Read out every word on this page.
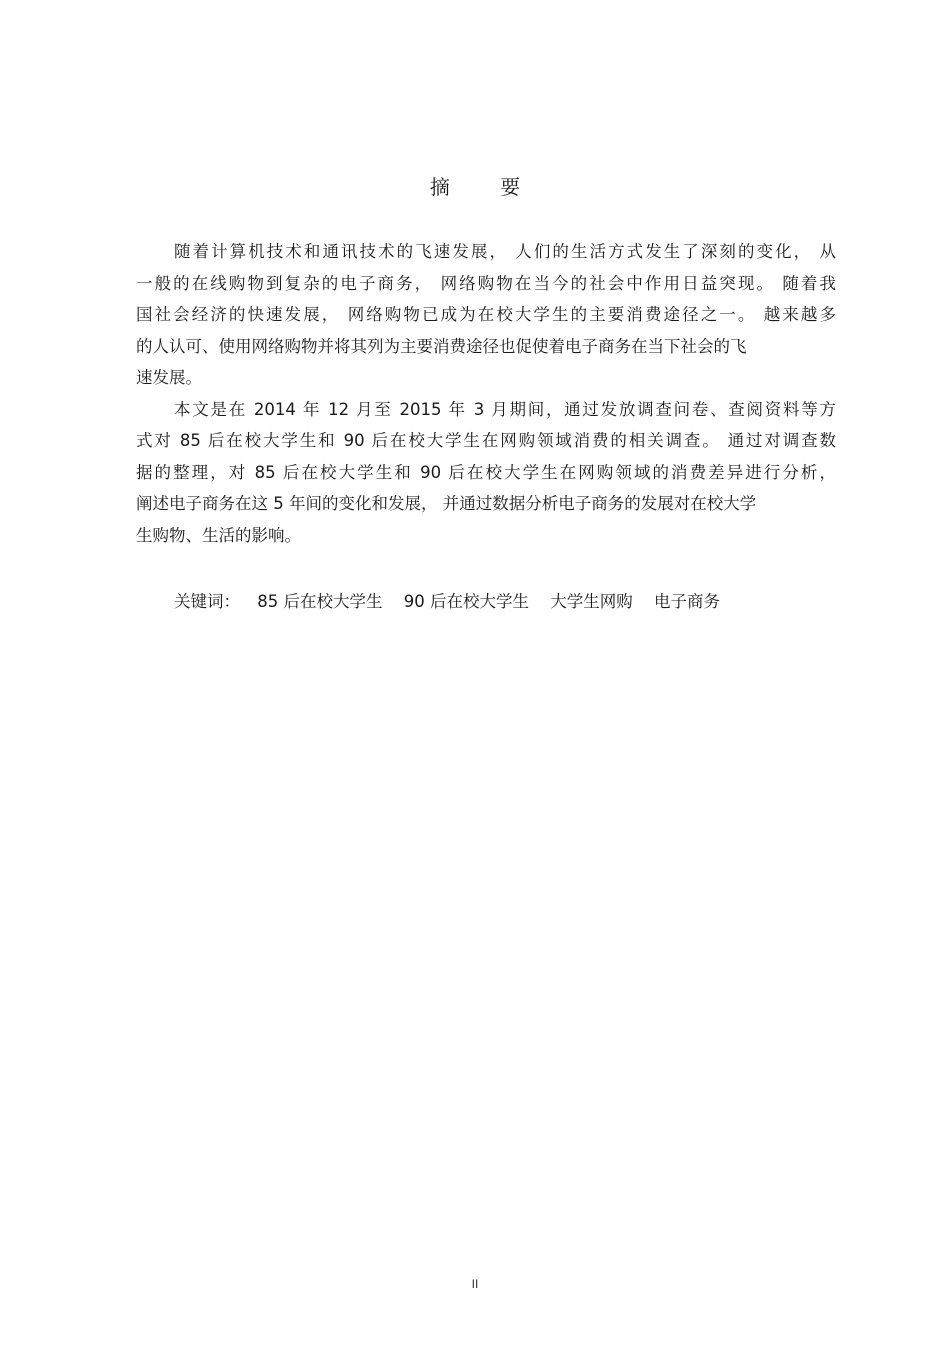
摘 要
随着计算机技术和通讯技术的飞速发展， 人们的生活方式发生了深刻的变化， 从
一般的在线购物到复杂的电子商务， 网络购物在当今的社会中作用日益突现。 随着我
国社会经济的快速发展， 网络购物已成为在校大学生的主要消费途径之一。 越来越多
的人认可、使用网络购物并将其列为主要消费途径也促使着电子商务在当下社会的飞
速发展。
本文是在 2014 年 12 月至 2015 年 3 月期间，通过发放调查问卷、查阅资料等方
式对 85 后在校大学生和 90 后在校大学生在网购领域消费的相关调查。 通过对调查数
据的整理，对 85 后在校大学生和 90 后在校大学生在网购领域的消费差异进行分析，
阐述电子商务在这 5 年间的变化和发展， 并通过数据分析电子商务的发展对在校大学
生购物、生活的影响。
关键词： 85 后在校大学生 90 后在校大学生 大学生网购 电子商务
II
